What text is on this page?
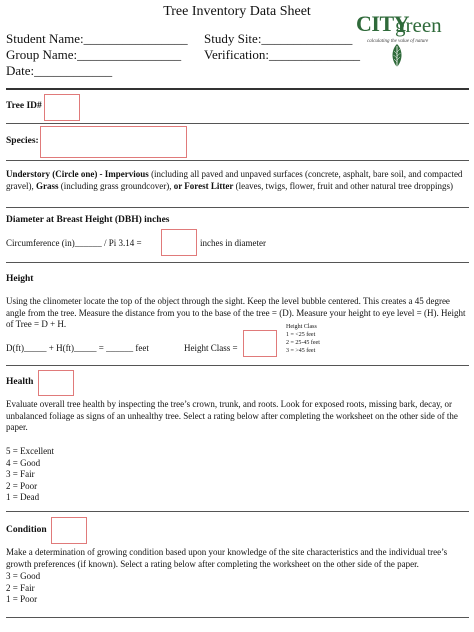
Tree Inventory Data Sheet	CITY
green
calculating the value of nature
Student Name:________________
Group Name:________________
Date:____________
Study Site:______________
Verification:______________
Tree ID#
Species:
Understory (Circle one) - Impervious (including all paved and unpaved surfaces (concrete, asphalt, bare soil, and compacted gravel), Grass (including grass groundcover), or Forest Litter (leaves, twigs, flower, fruit and other natural tree droppings)
Diameter at Breast Height (DBH) inches
Circumference (in)______ / Pi 3.14 =	inches in diameter
Height
Using the clinometer locate the top of the object through the sight. Keep the level bubble centered. This creates a 45 degree angle from the tree. Measure the distance from you to the base of the tree = (D). Measure your height to eye level = (H). Height of Tree = D + H.
D(ft)_____ + H(ft)_____ = ______ feet	Height Class =
Height Class
1 = <25 feet
2 = 25-45 feet
3 = >45 feet
Health
Evaluate overall tree health by inspecting the tree’s crown, trunk, and roots. Look for exposed roots, missing bark, decay, or unbalanced foliage as signs of an unhealthy tree. Select a rating below after completing the worksheet on the other side of the paper.
5 = Excellent
4 = Good
3 = Fair
2 = Poor
1 = Dead
Condition
Make a determination of growing condition based upon your knowledge of the site characteristics and the individual tree’s growth preferences (if known). Select a rating below after completing the worksheet on the other side of the paper.
3 = Good
2 = Fair
1 = Poor
